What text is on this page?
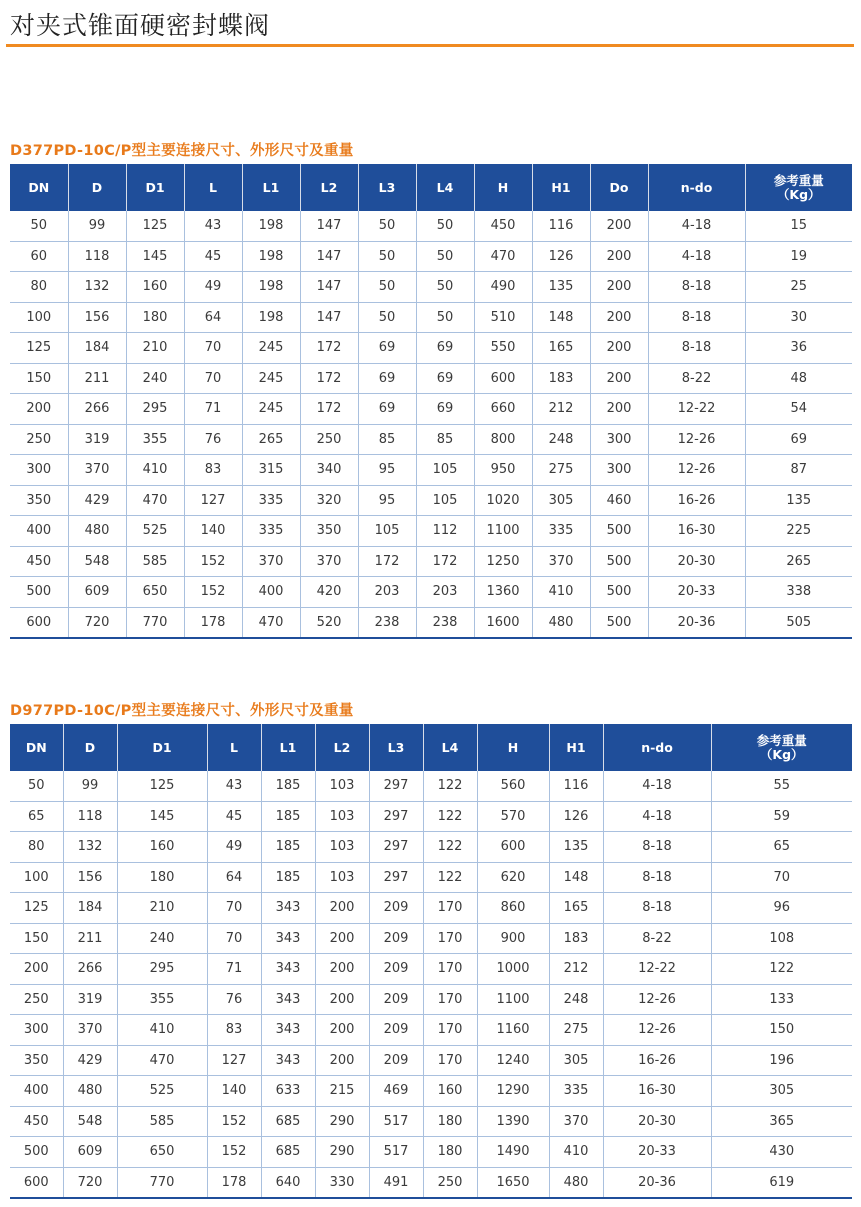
对夹式锥面硬密封蝶阀
D377PD-10C/P型主要连接尺寸、外形尺寸及重量
DN	D	D1	L	L1	L2	L3	L4	H	H1	Do	n-do	参考重量
（Kg）
50	99	125	43	198	147	50	50	450	116	200	4-18	15
60	118	145	45	198	147	50	50	470	126	200	4-18	19
80	132	160	49	198	147	50	50	490	135	200	8-18	25
100	156	180	64	198	147	50	50	510	148	200	8-18	30
125	184	210	70	245	172	69	69	550	165	200	8-18	36
150	211	240	70	245	172	69	69	600	183	200	8-22	48
200	266	295	71	245	172	69	69	660	212	200	12-22	54
250	319	355	76	265	250	85	85	800	248	300	12-26	69
300	370	410	83	315	340	95	105	950	275	300	12-26	87
350	429	470	127	335	320	95	105	1020	305	460	16-26	135
400	480	525	140	335	350	105	112	1100	335	500	16-30	225
450	548	585	152	370	370	172	172	1250	370	500	20-30	265
500	609	650	152	400	420	203	203	1360	410	500	20-33	338
600	720	770	178	470	520	238	238	1600	480	500	20-36	505
D977PD-10C/P型主要连接尺寸、外形尺寸及重量
DN	D	D1	L	L1	L2	L3	L4	H	H1	n-do	参考重量
（Kg）
50	99	125	43	185	103	297	122	560	116	4-18	55
65	118	145	45	185	103	297	122	570	126	4-18	59
80	132	160	49	185	103	297	122	600	135	8-18	65
100	156	180	64	185	103	297	122	620	148	8-18	70
125	184	210	70	343	200	209	170	860	165	8-18	96
150	211	240	70	343	200	209	170	900	183	8-22	108
200	266	295	71	343	200	209	170	1000	212	12-22	122
250	319	355	76	343	200	209	170	1100	248	12-26	133
300	370	410	83	343	200	209	170	1160	275	12-26	150
350	429	470	127	343	200	209	170	1240	305	16-26	196
400	480	525	140	633	215	469	160	1290	335	16-30	305
450	548	585	152	685	290	517	180	1390	370	20-30	365
500	609	650	152	685	290	517	180	1490	410	20-33	430
600	720	770	178	640	330	491	250	1650	480	20-36	619
